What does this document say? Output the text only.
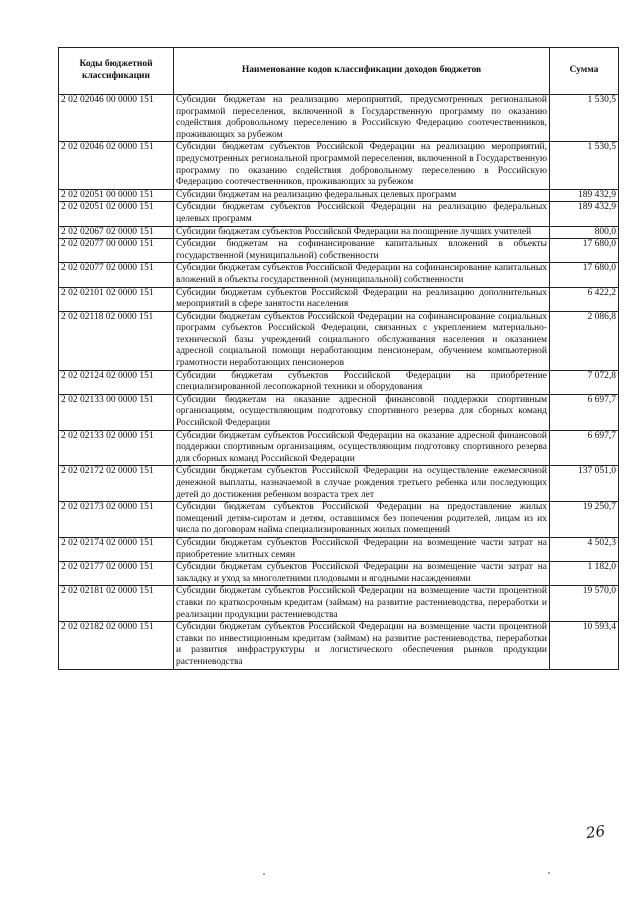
Коды бюджетной классификации	Наименование кодов классификации доходов бюджетов	Сумма
2 02 02046 00 0000 151	Субсидии бюджетам на реализацию мероприятий, предусмотренных региональной программой переселения, включенной в Государственную программу по оказанию содействия добровольному переселению в Российскую Федерацию соотечественников, проживающих за рубежом	1 530,5
2 02 02046 02 0000 151	Субсидии бюджетам субъектов Российской Федерации на реализацию мероприятий, предусмотренных региональной программой переселения, включенной в Государственную программу по оказанию содействия добровольному переселению в Российскую Федерацию соотечественников, проживающих за рубежом	1 530,5
2 02 02051 00 0000 151	Субсидии бюджетам на реализацию федеральных целевых программ	189 432,9
2 02 02051 02 0000 151	Субсидии бюджетам субъектов Российской Федерации на реализацию федеральных целевых программ	189 432,9
2 02 02067 02 0000 151	Субсидии бюджетам субъектов Российской Федерации на поощрение лучших учителей	800,0
2 02 02077 00 0000 151	Субсидии бюджетам на софинансирование капитальных вложений в объекты государственной (муниципальной) собственности	17 680,0
2 02 02077 02 0000 151	Субсидии бюджетам субъектов Российской Федерации на софинансирование капитальных вложений в объекты государственной (муниципальной) собственности	17 680,0
2 02 02101 02 0000 151	Субсидии бюджетам субъектов Российской Федерации на реализацию дополнительных мероприятий в сфере занятости населения	6 422,2
2 02 02118 02 0000 151	Субсидии бюджетам субъектов Российской Федерации на софинансирование социальных программ субъектов Российской Федерации, связанных с укреплением материально-технической базы учреждений социального обслуживания населения и оказанием адресной социальной помощи неработающим пенсионерам, обучением компьютерной грамотности неработающих пенсионеров	2 086,8
2 02 02124 02 0000 151	Субсидии бюджетам субъектов Российской Федерации на приобретение специализированной лесопожарной техники и оборудования	7 072,8
2 02 02133 00 0000 151	Субсидии бюджетам на оказание адресной финансовой поддержки спортивным организациям, осуществляющим подготовку спортивного резерва для сборных команд Российской Федерации	6 697,7
2 02 02133 02 0000 151	Субсидии бюджетам субъектов Российской Федерации на оказание адресной финансовой поддержки спортивным организациям, осуществляющим подготовку спортивного резерва для сборных команд Российской Федерации	6 697,7
2 02 02172 02 0000 151	Субсидии бюджетам субъектов Российской Федерации на осуществление ежемесячной денежной выплаты, назначаемой в случае рождения третьего ребенка или последующих детей до достижения ребенком возраста трех лет	137 051,0
2 02 02173 02 0000 151	Субсидии бюджетам субъектов Российской Федерации на предоставление жилых помещений детям-сиротам и детям, оставшимся без попечения родителей, лицам из их числа по договорам найма специализированных жилых помещений	19 250,7
2 02 02174 02 0000 151	Субсидии бюджетам субъектов Российской Федерации на возмещение части затрат на приобретение элитных семян	4 502,3
2 02 02177 02 0000 151	Субсидии бюджетам субъектов Российской Федерации на возмещение части затрат на закладку и уход за многолетними плодовыми и ягодными насаждениями	1 182,0
2 02 02181 02 0000 151	Субсидии бюджетам субъектов Российской Федерации на возмещение части процентной ставки по краткосрочным кредитам (займам) на развитие растениеводства, переработки и реализации продукции растениеводства	19 570,0
2 02 02182 02 0000 151	Субсидии бюджетам субъектов Российской Федерации на возмещение части процентной ставки по инвестиционным кредитам (займам) на развитие растениеводства, переработки и развития инфраструктуры и логистического обеспечения рынков продукции растениеводства	10 593,4
26
